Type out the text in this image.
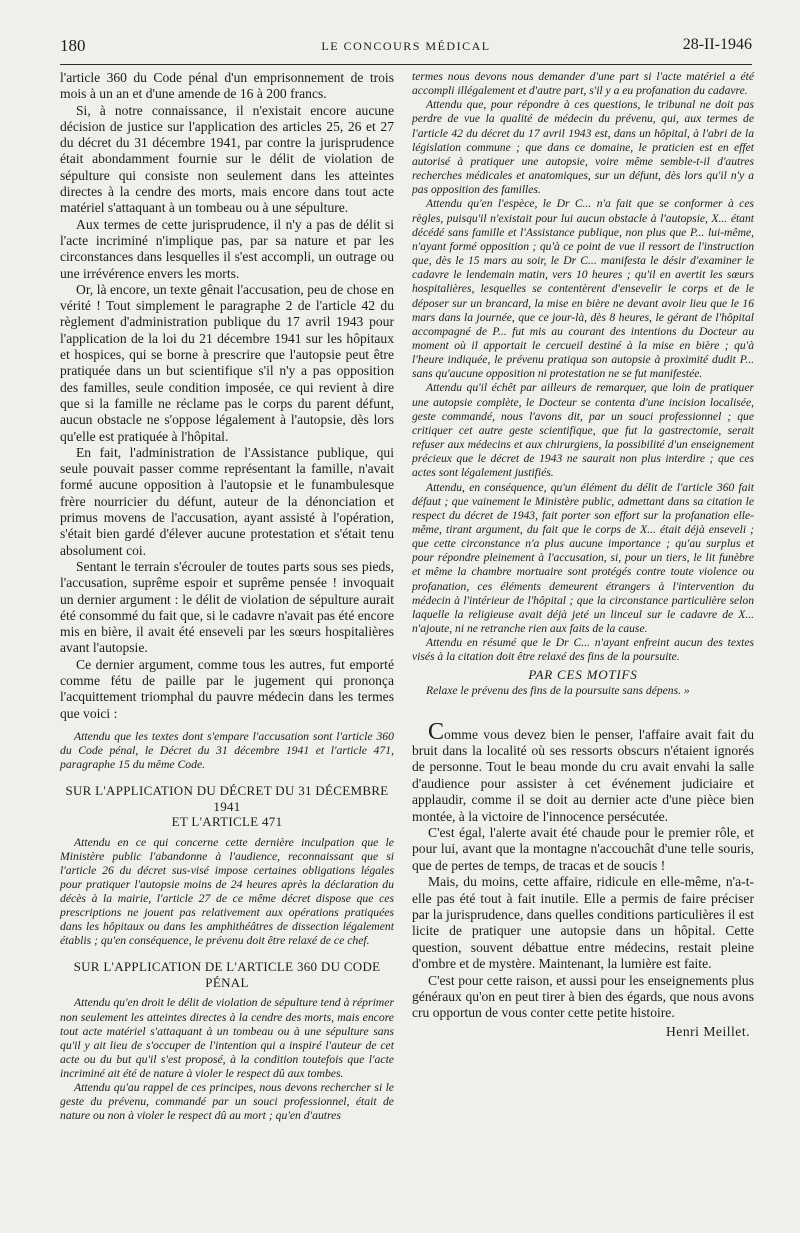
180	LE CONCOURS MÉDICAL	28-II-1946

l'article 360 du Code pénal d'un emprisonnement de trois mois à un an et d'une amende de 16 à 200 francs.

Si, à notre connaissance, il n'existait encore aucune décision de justice sur l'application des articles 25, 26 et 27 du décret du 31 décembre 1941, par contre la jurisprudence était abondamment fournie sur le délit de violation de sépulture qui consiste non seulement dans les atteintes directes à la cendre des morts, mais encore dans tout acte matériel s'attaquant à un tombeau ou à une sépulture.

Aux termes de cette jurisprudence, il n'y a pas de délit si l'acte incriminé n'implique pas, par sa nature et par les circonstances dans lesquelles il s'est accompli, un outrage ou une irrévérence envers les morts.

Or, là encore, un texte gênait l'accusation, peu de chose en vérité ! Tout simplement le paragraphe 2 de l'article 42 du règlement d'administration publique du 17 avril 1943 pour l'application de la loi du 21 décembre 1941 sur les hôpitaux et hospices, qui se borne à prescrire que l'autopsie peut être pratiquée dans un but scientifique s'il n'y a pas opposition des familles, seule condition imposée, ce qui revient à dire que si la famille ne réclame pas le corps du parent défunt, aucun obstacle ne s'oppose légalement à l'autopsie, dès lors qu'elle est pratiquée à l'hôpital.

En fait, l'administration de l'Assistance publique, qui seule pouvait passer comme représentant la famille, n'avait formé aucune opposition à l'autopsie et le funambulesque frère nourricier du défunt, auteur de la dénonciation et primus movens de l'accusation, ayant assisté à l'opération, s'était bien gardé d'élever aucune protestation et s'était tenu absolument coi.

Sentant le terrain s'écrouler de toutes parts sous ses pieds, l'accusation, suprême espoir et suprême pensée ! invoquait un dernier argument : le délit de violation de sépulture aurait été consommé du fait que, si le cadavre n'avait pas été encore mis en bière, il avait été enseveli par les sœurs hospitalières avant l'autopsie.

Ce dernier argument, comme tous les autres, fut emporté comme fétu de paille par le jugement qui prononça l'acquittement triomphal du pauvre médecin dans les termes que voici :

Attendu que les textes dont s'empare l'accusation sont l'article 360 du Code pénal, le Décret du 31 décembre 1941 et l'article 471, paragraphe 15 du même Code.

SUR L'APPLICATION DU DÉCRET DU 31 DÉCEMBRE 1941
ET L'ARTICLE 471

Attendu en ce qui concerne cette dernière inculpation que le Ministère public l'abandonne à l'audience, reconnaissant que si l'article 26 du décret sus-visé impose certaines obligations légales pour pratiquer l'autopsie moins de 24 heures après la déclaration du décès à la mairie, l'article 27 de ce même décret dispose que ces prescriptions ne jouent pas relativement aux opérations pratiquées dans les hôpitaux ou dans les amphithéâtres de dissection légalement établis ; qu'en conséquence, le prévenu doit être relaxé de ce chef.

SUR L'APPLICATION DE L'ARTICLE 360 DU CODE PÉNAL

Attendu qu'en droit le délit de violation de sépulture tend à réprimer non seulement les atteintes directes à la cendre des morts, mais encore tout acte matériel s'attaquant à un tombeau ou à une sépulture sans qu'il y ait lieu de s'occuper de l'intention qui a inspiré l'auteur de cet acte ou du but qu'il s'est proposé, à la condition toutefois que l'acte incriminé ait été de nature à violer le respect dû aux tombes.

Attendu qu'au rappel de ces principes, nous devons rechercher si le geste du prévenu, commandé par un souci professionnel, était de nature ou non à violer le respect dû au mort ; qu'en d'autres

termes nous devons nous demander d'une part si l'acte matériel a été accompli illégalement et d'autre part, s'il y a eu profanation du cadavre.

Attendu que, pour répondre à ces questions, le tribunal ne doit pas perdre de vue la qualité de médecin du prévenu, qui, aux termes de l'article 42 du décret du 17 avril 1943 est, dans un hôpital, à l'abri de la législation commune ; que dans ce domaine, le praticien est en effet autorisé à pratiquer une autopsie, voire même semble-t-il d'autres recherches médicales et anatomiques, sur un défunt, dès lors qu'il n'y a pas opposition des familles.

Attendu qu'en l'espèce, le Dr C... n'a fait que se conformer à ces règles, puisqu'il n'existait pour lui aucun obstacle à l'autopsie, X... étant décédé sans famille et l'Assistance publique, non plus que P... lui-même, n'ayant formé opposition ; qu'à ce point de vue il ressort de l'instruction que, dès le 15 mars au soir, le Dr C... manifesta le désir d'examiner le cadavre le lendemain matin, vers 10 heures ; qu'il en avertit les sœurs hospitalières, lesquelles se contentèrent d'ensevelir le corps et de le déposer sur un brancard, la mise en bière ne devant avoir lieu que le 16 mars dans la journée, que ce jour-là, dès 8 heures, le gérant de l'hôpital accompagné de P... fut mis au courant des intentions du Docteur au moment où il apportait le cercueil destiné à la mise en bière ; qu'à l'heure indiquée, le prévenu pratiqua son autopsie à proximité dudit P... sans qu'aucune opposition ni protestation ne se fut manifestée.

Attendu qu'il échêt par ailleurs de remarquer, que loin de pratiquer une autopsie complète, le Docteur se contenta d'une incision localisée, geste commandé, nous l'avons dit, par un souci professionnel ; que critiquer cet autre geste scientifique, que fut la gastrectomie, serait refuser aux médecins et aux chirurgiens, la possibilité d'un enseignement précieux que le décret de 1943 ne saurait non plus interdire ; que ces actes sont légalement justifiés.

Attendu, en conséquence, qu'un élément du délit de l'article 360 fait défaut ; que vainement le Ministère public, admettant dans sa citation le respect du décret de 1943, fait porter son effort sur la profanation elle-même, tirant argument, du fait que le corps de X... était déjà enseveli ; que cette circonstance n'a plus aucune importance ; qu'au surplus et pour répondre pleinement à l'accusation, si, pour un tiers, le lit funèbre et même la chambre mortuaire sont protégés contre toute violence ou profanation, ces éléments demeurent étrangers à l'intervention du médecin à l'intérieur de l'hôpital ; que la circonstance particulière selon laquelle la religieuse avait déjà jeté un linceul sur le cadavre de X... n'ajoute, ni ne retranche rien aux faits de la cause.

Attendu en résumé que le Dr C... n'ayant enfreint aucun des textes visés à la citation doit être relaxé des fins de la poursuite.

PAR CES MOTIFS

Relaxe le prévenu des fins de la poursuite sans dépens. »

Comme vous devez bien le penser, l'affaire avait fait du bruit dans la localité où ses ressorts obscurs n'étaient ignorés de personne. Tout le beau monde du cru avait envahi la salle d'audience pour assister à cet événement judiciaire et applaudir, comme il se doit au dernier acte d'une pièce bien montée, à la victoire de l'innocence persécutée.

C'est égal, l'alerte avait été chaude pour le premier rôle, et pour lui, avant que la montagne n'accouchât d'une telle souris, que de pertes de temps, de tracas et de soucis !

Mais, du moins, cette affaire, ridicule en elle-même, n'a-t-elle pas été tout à fait inutile. Elle a permis de faire préciser par la jurisprudence, dans quelles conditions particulières il est licite de pratiquer une autopsie dans un hôpital. Cette question, souvent débattue entre médecins, restait pleine d'ombre et de mystère. Maintenant, la lumière est faite.

C'est pour cette raison, et aussi pour les enseignements plus généraux qu'on en peut tirer à bien des égards, que nous avons cru opportun de vous conter cette petite histoire.

Henri Meillet.
